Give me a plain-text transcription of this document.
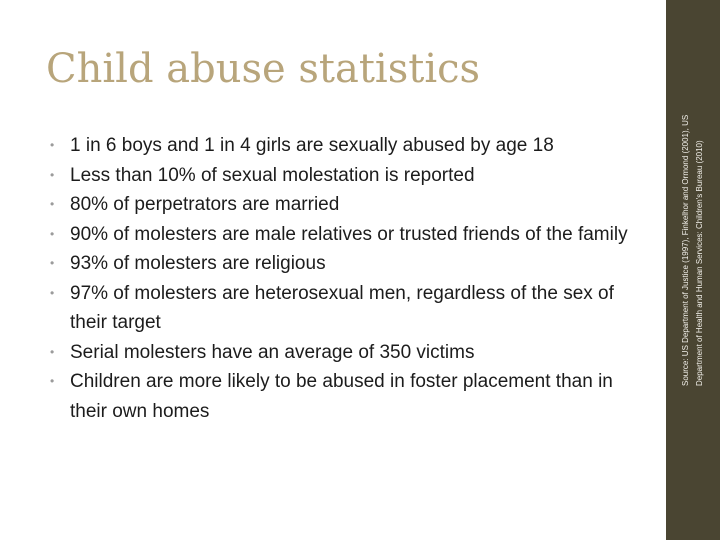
Child abuse statistics
• 1 in 6 boys and 1 in 4 girls are sexually abused by age 18
• Less than 10% of sexual molestation is reported
• 80% of perpetrators are married
• 90% of molesters are male relatives or trusted friends of the family
• 93% of molesters are religious
• 97% of molesters are heterosexual men, regardless of the sex of their target
• Serial molesters have an average of 350 victims
• Children are more likely to be abused in foster placement than in their own homes
Source: US Department of Justice (1997), Finkelhor and Ormond (2001), US Department of Health and Human Services: Children's Bureau (2010)
